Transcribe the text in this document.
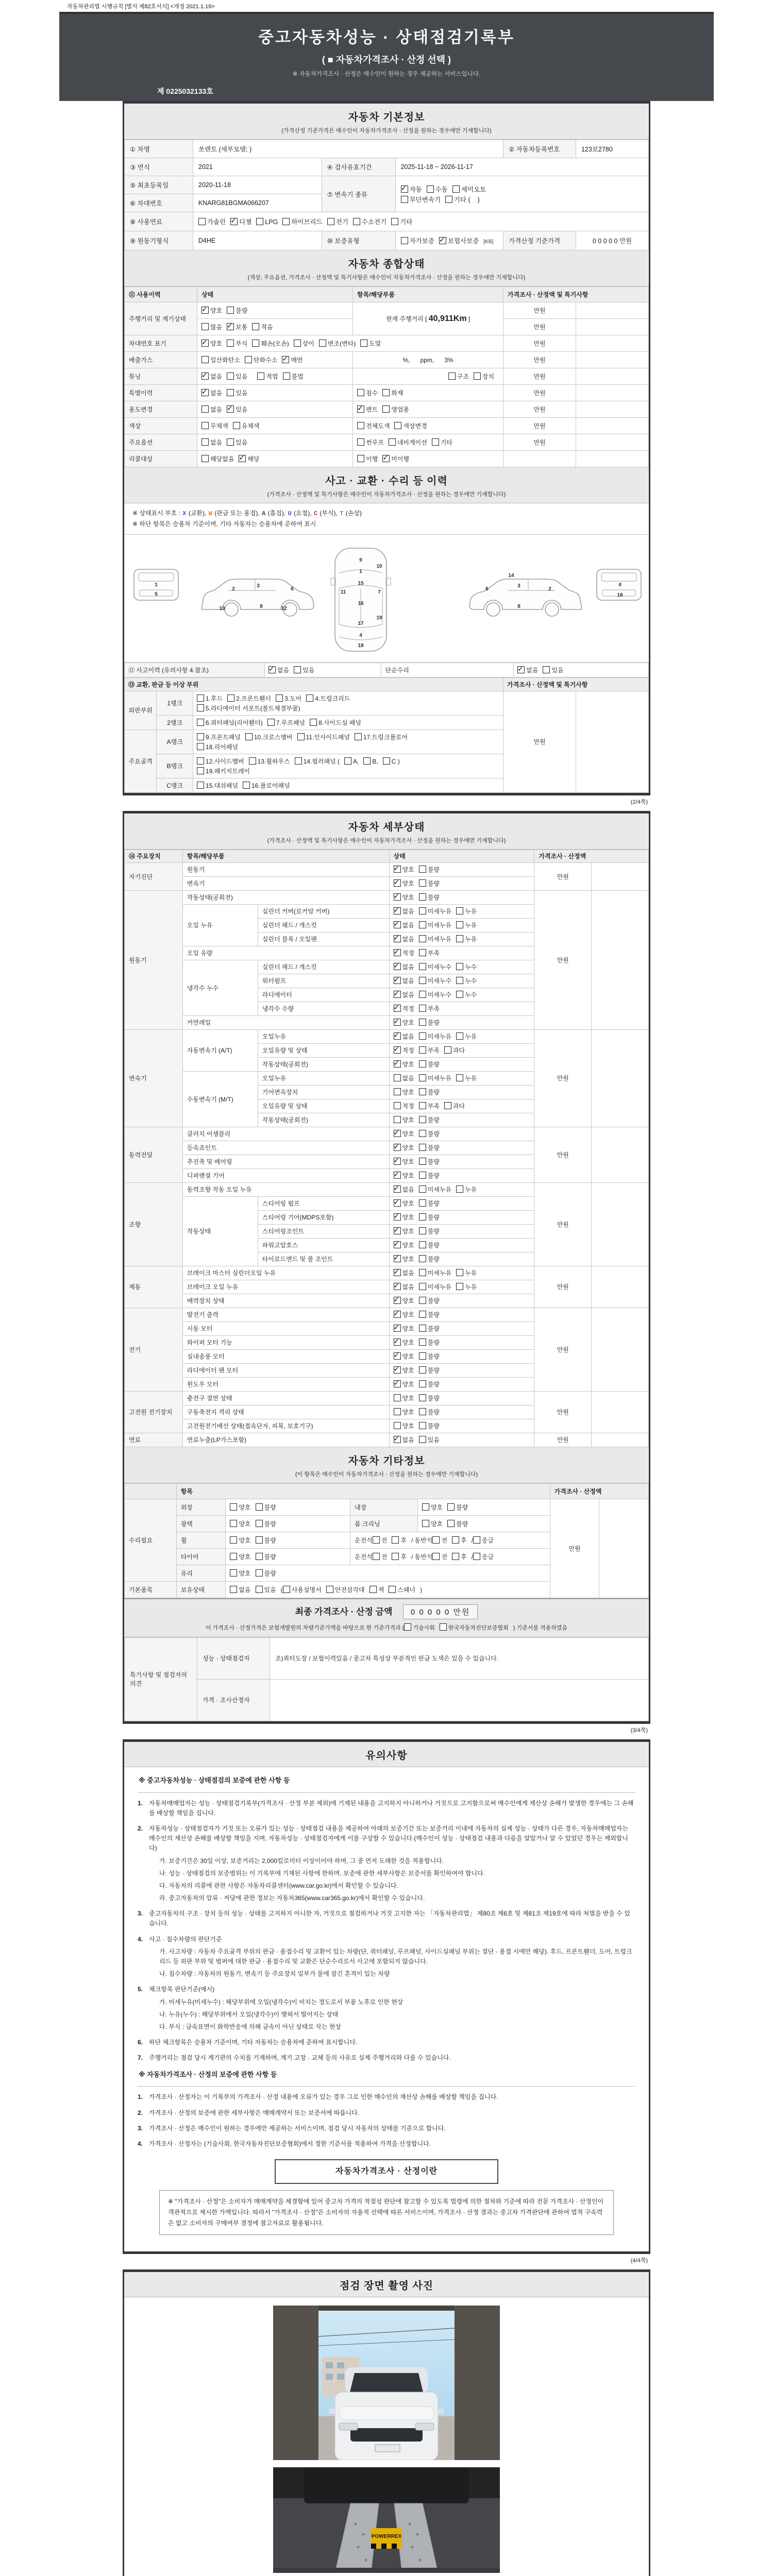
자동차관리법 시행규칙 [별지 제82호서식] <개정 2021.1.19>
중고자동차성능 · 상태점검기록부
( ■ 자동차가격조사 · 산정 선택 )
※ 자동차가격조사 · 산정은 매수인이 원하는 경우 제공하는 서비스입니다.
제 0225032133호
자동차 기본정보
(가격산정 기준가격은 매수인이 자동차가격조사 · 산정을 원하는 경우에만 기재합니다)
① 차명	쏘렌토 (세부모델: )			② 자동차등록번호	123보2780
③ 연식	2021	④ 검사유효기간	2025-11-18 ~ 2026-11-17		
⑤ 최초등록일	2020-11-18	⑦ 변속기 종류	✓자동 수동 세미오토
무단변속기 기타 (    )
⑥ 차대번호	KNARG81BGMA066207				
⑧ 사용연료	가솔린 ✓ 디젤 LPG 하이브리드 전기 수소전기 기타
⑨ 원동기형식	D4HE	⑩ 보증유형	자가보증 ✓ 보험사보증 [KB]	가격산정 기준가격	0 0 0 0 0 만원
자동차 종합상태
(색상, 주요옵션, 가격조사 · 산정액 및 특기사항은 매수인이 자동차가격조사 · 산정을 원하는 경우에만 기재합니다)
⑪ 사용이력	상태	항목/해당부품	가격조사 · 산정액 및 특기사항	
주행거리 및 계기상태	✓양호 불량	현재 주행거리 [ 40,911Km ]	만원	
	많음 ✓ 보통 적음		만원	
차대번호 표기	✓양호 부식 훼손(오손) 상이 변조(변타) 도말		만원	
배출가스	일산화탄소 탄화수소 ✓ 매연	%,      ppm,      3%	만원	
튜닝	✓없음 있음 적법 불법	구조 장치	만원	
특별이력	✓없음 있음	침수 화재	만원	
용도변경	없음 ✓ 있음	✓렌트 영업용	만원	
색상	무채색 유채색	전체도색 색상변경	만원	
주요옵션	없음 있음	썬루프 네비게이션 기타	만원	
리콜대상	해당없음 ✓ 해당	이행 ✓ 미이행		
사고 · 교환 · 수리 등 이력
(가격조사 · 산정액 및 특기사항은 매수인이 자동차가격조사 · 산정을 원하는 경우에만 기재합니다)
※ 상태표시 부호 : X (교환), W (판금 또는 용접), A (흠집), U (요철), C (부식), T (손상)
※ 하단 항목은 승용차 기준이며, 기타 자동차는 승용차에 준하여 표시
1
5
2
3
6
8
13	12
9
1
10
15
7
11
16
19
17
4
18
3
2
6
14
8
4
18
⑫ 사고이력 (유의사항 4.참조)	✓없음 있음	단순수리	✓없음 있음
⑬ 교환, 판금 등 이상 부위			가격조사 · 산정액 및 특기사항	
외판부위	1랭크	1.후드 2.프론트휀더 3.도어 4.트렁크리드
5.라디에이터 서포트(볼트체결부품)	만원	
	2랭크	6.쿼터패널(리어휀더) 7.루프패널 8.사이드실 패널		
주요골격	A랭크	9.프론트패널 10.크로스멤버 11.인사이드패널 17.트렁크플로어
18.리어패널		
	B랭크	12.사이드멤버 13.휠하우스 14.필러패널 ( A, B, C )
19.패키지트레이		
	C랭크	15.대쉬패널 16.플로어패널		
(2/4쪽)
자동차 세부상태
(가격조사 · 산정액 및 특기사항은 매수인이 자동차가격조사 · 산정을 원하는 경우에만 기재합니다)
⑭ 주요장치	항목/해당부품		상태	가격조사 · 산정액	
자기진단	원동기	✓양호 불량	만원	
	변속기	✓양호 불량
원동기	작동상태(공회전)	✓양호 불량	만원	
	오일 누유	실린더 커버(로커암 커버)	✓없음 미세누유 누유
		실린더 헤드 / 개스킷	✓없음 미세누유 누유
		실린더 블록 / 오일팬	✓없음 미세누유 누유
	오일 유량	✓적정 부족
	냉각수 누수	실린더 헤드 / 개스킷	✓없음 미세누수 누수
		워터펌프	✓없음 미세누수 누수
		라디에이터	✓없음 미세누수 누수
		냉각수 수량	✓적정 부족
	커먼레일	✓양호 불량
변속기	자동변속기 (A/T)	오일누유	✓없음 미세누유 누유	만원	
		오일유량 및 상태	✓적정 부족 과다
		작동상태(공회전)	✓양호 불량
	수동변속기 (M/T)	오일누유	없음 미세누유 누유		
		기어변속장치	양호 불량		
		오일유량 및 상태	적정 부족 과다		
		작동상태(공회전)	양호 불량		
동력전달	클러치 어셈블리	✓양호 불량	만원	
	등속죠인트	✓양호 불량
	추진축 및 베어링	✓양호 불량
	디퍼렌셜 기어	✓양호 불량
조향	동력조향 작동 오일 누유	✓없음 미세누유 누유	만원	
	작동상태	스티어링 펌프	✓양호 불량
		스티어링 기어(MDPS포함)	✓양호 불량
		스티어링조인트	✓양호 불량
		파워고압호스	✓양호 불량
		타이로드엔드 및 볼 조인트	✓양호 불량
제동	브레이크 마스터 실린더오일 누유	✓없음 미세누유 누유	만원	
	브레이크 오일 누유	✓없음 미세누유 누유
	배력장치 상태	✓양호 불량
전기	발전기 출력	✓양호 불량	만원	
	시동 모터	✓양호 불량
	와이퍼 모터 기능	✓양호 불량
	실내송풍 모터	✓양호 불량
	라디에이터 팬 모터	✓양호 불량
	윈도우 모터	✓양호 불량
고전원 전기장치	충전구 절연 상태		양호 불량	만원	
	구동축전지 격리 상태		양호 불량		
	고전원전기배선 상태(접속단자, 피복, 보호기구)		양호 불량		
연료	연료누출(LP가스포함)	✓없음 있음	만원	
자동차 기타정보
(이 항목은 매수인이 자동차가격조사 · 산정을 원하는 경우에만 기재합니다)
	항목				가격조사 · 산정액	
수리필요	외장	양호 불량	내장	양호 불량	만원	
	광택	양호 불량	룸 크리닝	양호 불량		
	휠	양호 불량	운전석 전 후 / 동반석 전 후 / 응급			
	타이어	양호 불량	운전석 전 후 / 동반석 전 후 / 응급			
	유리	양호 불량				
기본품목	보유상태	없음 있음 ( 사용설명서 안전삼각대 잭 스패너 )				
최종 가격조사 · 산정 금액 0 0 0 0 0 만원
이 가격조사 · 산정가격은 보험개발원의 차량기준가액을 바탕으로 한 기준가격과 ( 기술사회 한국자동차진단보증협회 ) 기준서를 적용하였음
특기사항 및 점검자의 의견	성능 · 상태점검자	조)쿼터도장 / 보험이력있음 / 중고차 특성상 부분적인 판금 도색은 있을 수 있습니다.
	가격 · 조사산정자	
(3/4쪽)
유의사항
※ 중고자동차성능 · 상태점검의 보증에 관한 사항 등
1. 자동차매매업자는 성능 · 상태점검기록부(가격조사 · 산정 부분 제외)에 기재된 내용을 고지하지 아니하거나 거짓으로 고지함으로써 매수인에게 재산상 손해가 발생한 경우에는 그 손해를 배상할 책임을 집니다.
2. 자동차성능 · 상태점검자가 거짓 또는 오류가 있는 성능 · 상태점검 내용을 제공하여 아래의 보증기간 또는 보증거리 이내에 자동차의 실제 성능 · 상태가 다른 경우, 자동차매매업자는 매수인의 재산상 손해를 배상할 책임을 지며, 자동차성능 · 상태점검자에게 이를 구상할 수 있습니다.(매수인이 성능 · 상태점검 내용과 다름을 알았거나 알 수 있었던 경우는 제외합니다)
가. 보증기간은 30일 이상, 보증거리는 2,000킬로미터 이상이어야 하며, 그 중 먼저 도래한 것을 적용합니다.
나. 성능 · 상태점검의 보증범위는 이 기록부에 기재된 사항에 한하며, 보증에 관한 세부사항은 보증서를 확인하여야 합니다.
다. 자동차의 리콜에 관한 사항은 자동차리콜센터(www.car.go.kr)에서 확인할 수 있습니다.
라. 중고자동차의 압류 · 저당에 관한 정보는 자동차365(www.car365.go.kr)에서 확인할 수 있습니다.
3. 중고자동차의 구조 · 장치 등의 성능 · 상태를 고지하지 아니한 자, 거짓으로 점검하거나 거짓 고지한 자는 「자동차관리법」 제80조 제6호 및 제81조 제19호에 따라 처벌을 받을 수 있습니다.
4. 사고 · 침수차량의 판단기준
가. 사고차량 : 자동차 주요골격 부위의 판금 · 용접수리 및 교환이 있는 차량(단, 쿼터패널, 루프패널, 사이드실패널 부위는 절단 · 용접 시에만 해당). 후드, 프론트휀더, 도어, 트렁크리드 등 외판 부위 및 범퍼에 대한 판금 · 용접수리 및 교환은 단순수리로서 사고에 포함되지 않습니다.
나. 침수차량 : 자동차의 원동기, 변속기 등 주요장치 일부가 물에 잠긴 흔적이 있는 차량
5. 체크항목 판단기준(예시)
가. 미세누유(미세누수) : 해당부위에 오일(냉각수)이 비치는 정도로서 부품 노후로 인한 현상
나. 누유(누수) : 해당부위에서 오일(냉각수)이 맺혀서 떨어지는 상태
다. 부식 : 금속표면이 화학반응에 의해 금속이 아닌 상태로 삭는 현상
6. 하단 체크항목은 승용차 기준이며, 기타 자동차는 승용차에 준하여 표시합니다.
7. 주행거리는 점검 당시 계기판의 수치를 기재하며, 계기 고장 · 교체 등의 사유로 실제 주행거리와 다를 수 있습니다.
※ 자동차가격조사 · 산정의 보증에 관한 사항 등
1. 가격조사 · 산정자는 이 기록부의 가격조사 · 산정 내용에 오류가 있는 경우 그로 인한 매수인의 재산상 손해를 배상할 책임을 집니다.
2. 가격조사 · 산정의 보증에 관한 세부사항은 매매계약서 또는 보증서에 따릅니다.
3. 가격조사 · 산정은 매수인이 원하는 경우에만 제공하는 서비스이며, 점검 당시 자동차의 상태를 기준으로 합니다.
4. 가격조사 · 산정자는 (기술사회, 한국자동차진단보증협회)에서 정한 기준서를 적용하여 가격을 산정합니다.
자동차가격조사 · 산정이란
※ "가격조사 · 산정"은 소비자가 매매계약을 체결함에 있어 중고차 가격의 적절성 판단에 참고할 수 있도록 법령에 의한 절차와 기준에 따라 전문 가격조사 · 산정인이 객관적으로 제시한 가액입니다. 따라서 "가격조사 · 산정"은 소비자의 자율적 선택에 따른 서비스이며, 가격조사 · 산정 결과는 중고차 가격판단에 관하여 법적 구속력은 없고 소비자의 구매여부 결정에 참고자료로 활용됩니다.
(4/4쪽)
점검 장면 촬영 사진
POWERREX
